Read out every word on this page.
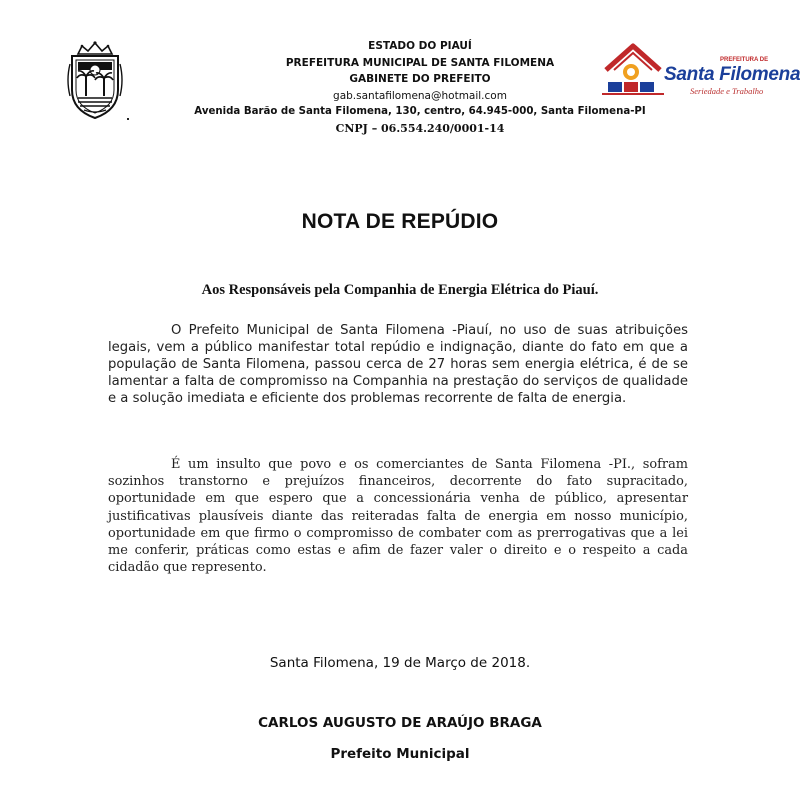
ESTADO DO PIAUÍ
PREFEITURA MUNICIPAL DE SANTA FILOMENA
GABINETE DO PREFEITO
gab.santafilomena@hotmail.com
Avenida Barão de Santa Filomena, 130, centro, 64.945-000, Santa Filomena-PI
CNPJ – 06.554.240/0001-14
PREFEITURA DE
Santa Filomena
Seriedade e Trabalho
NOTA DE REPÚDIO
Aos Responsáveis pela Companhia de Energia Elétrica do Piauí.

O Prefeito Municipal de Santa Filomena -Piauí, no uso de suas atribuições legais, vem a público manifestar total repúdio e indignação, diante do fato em que a população de Santa Filomena, passou cerca de 27 horas sem energia elétrica, é de se lamentar a falta de compromisso na Companhia na prestação do serviços de qualidade e a solução imediata e eficiente dos problemas recorrente de falta de energia.

É um insulto que povo e os comerciantes de Santa Filomena -PI., sofram sozinhos transtorno e prejuízos financeiros, decorrente do fato supracitado, oportunidade em que espero que a concessionária venha de público, apresentar justificativas plausíveis diante das reiteradas falta de energia em nosso município, oportunidade em que firmo o compromisso de combater com as prerrogativas que a lei me conferir, práticas como estas e afim de fazer valer o direito e o respeito a cada cidadão que represento.

Santa Filomena, 19 de Março de 2018.
CARLOS AUGUSTO DE ARAÚJO BRAGA
Prefeito Municipal
